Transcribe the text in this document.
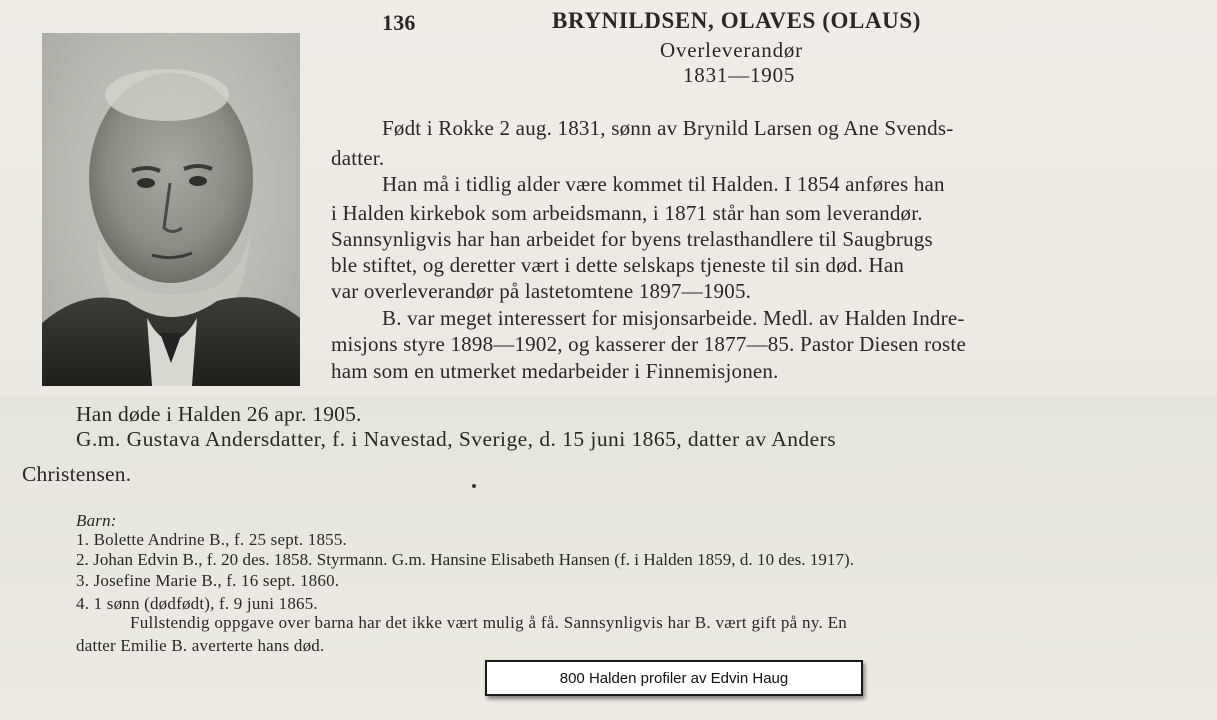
136	BRYNILDSEN, OLAVES (OLAUS)
Overleverandør
1831—1905
Født i Rokke 2 aug. 1831, sønn av Brynild Larsen og Ane Svends-
datter.
Han må i tidlig alder være kommet til Halden. I 1854 anføres han
i Halden kirkebok som arbeidsmann, i 1871 står han som leverandør.
Sannsynligvis har han arbeidet for byens trelasthandlere til Saugbrugs
ble stiftet, og deretter vært i dette selskaps tjeneste til sin død. Han
var overleverandør på lastetomtene 1897—1905.
B. var meget interessert for misjonsarbeide. Medl. av Halden Indre-
misjons styre 1898—1902, og kasserer der 1877—85. Pastor Diesen roste
ham som en utmerket medarbeider i Finnemisjonen.
Han døde i Halden 26 apr. 1905.
G.m. Gustava Andersdatter, f. i Navestad, Sverige, d. 15 juni 1865, datter av Anders
Christensen.
Barn:
1. Bolette Andrine B., f. 25 sept. 1855.
2. Johan Edvin B., f. 20 des. 1858. Styrmann. G.m. Hansine Elisabeth Hansen (f. i Halden 1859, d. 10 des. 1917).
3. Josefine Marie B., f. 16 sept. 1860.
4. 1 sønn (dødfødt), f. 9 juni 1865.
Fullstendig oppgave over barna har det ikke vært mulig å få. Sannsynligvis har B. vært gift på ny. En
datter Emilie B. averterte hans død.
800 Halden profiler av Edvin Haug
